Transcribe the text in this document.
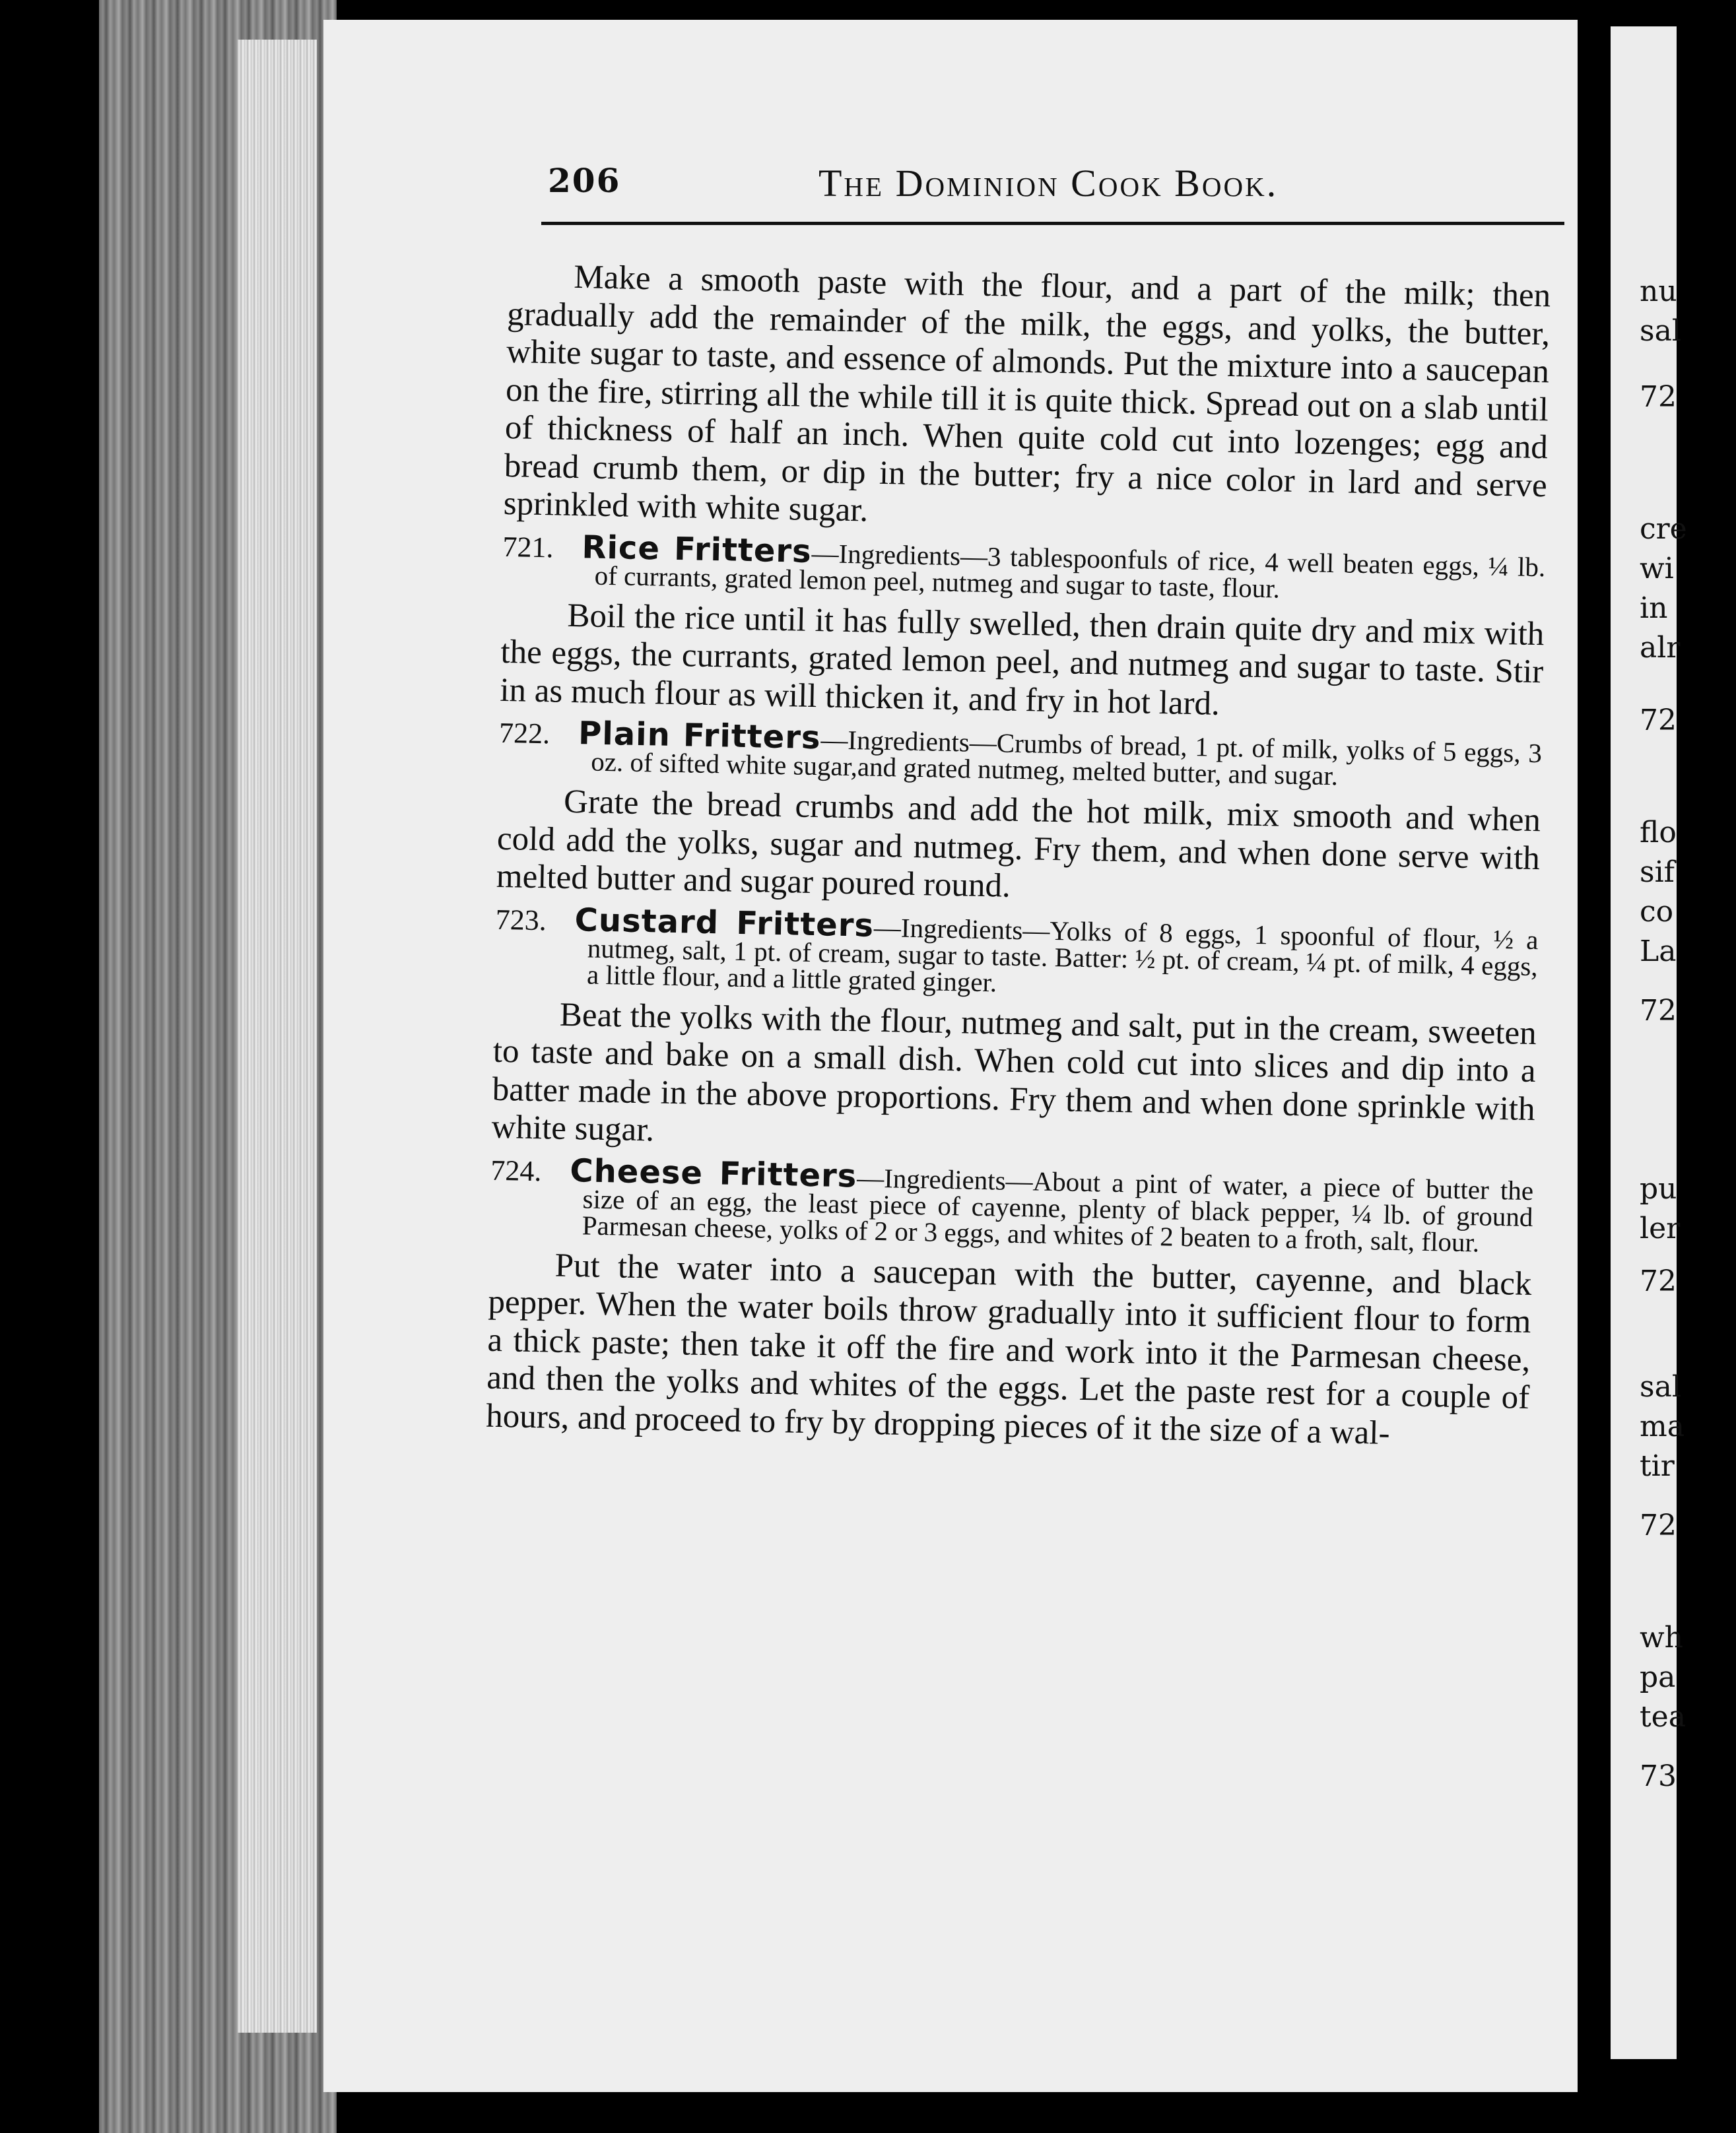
206	The Dominion Cook Book.

Make a smooth paste with the flour, and a part of the milk; then gradually add the remainder of the milk, the eggs, and yolks, the butter, white sugar to taste, and essence of almonds. Put the mixture into a saucepan on the fire, stirring all the while till it is quite thick. Spread out on a slab until of thickness of half an inch. When quite cold cut into lozenges; egg and bread crumb them, or dip in the butter; fry a nice color in lard and serve sprinkled with white sugar.

721. Rice Fritters—Ingredients—3 tablespoonfuls of rice, 4 well beaten eggs, ¼ lb. of currants, grated lemon peel, nutmeg and sugar to taste, flour.

Boil the rice until it has fully swelled, then drain quite dry and mix with the eggs, the currants, grated lemon peel, and nutmeg and sugar to taste. Stir in as much flour as will thicken it, and fry in hot lard.

722. Plain Fritters—Ingredients—Crumbs of bread, 1 pt. of milk, yolks of 5 eggs, 3 oz. of sifted white sugar,and grated nutmeg, melted butter, and sugar.

Grate the bread crumbs and add the hot milk, mix smooth and when cold add the yolks, sugar and nutmeg. Fry them, and when done serve with melted butter and sugar poured round.

723. Custard Fritters—Ingredients—Yolks of 8 eggs, 1 spoonful of flour, ½ a nutmeg, salt, 1 pt. of cream, sugar to taste. Batter: ½ pt. of cream, ¼ pt. of milk, 4 eggs, a little flour, and a little grated ginger.

Beat the yolks with the flour, nutmeg and salt, put in the cream, sweeten to taste and bake on a small dish. When cold cut into slices and dip into a batter made in the above proportions. Fry them and when done sprinkle with white sugar.

724. Cheese Fritters—Ingredients—About a pint of water, a piece of butter the size of an egg, the least piece of cayenne, plenty of black pepper, ¼ lb. of ground Parmesan cheese, yolks of 2 or 3 eggs, and whites of 2 beaten to a froth, salt, flour.

Put the water into a saucepan with the butter, cayenne, and black pepper. When the water boils throw gradually into it sufficient flour to form a thick paste; then take it off the fire and work into it the Parmesan cheese, and then the yolks and whites of the eggs. Let the paste rest for a couple of hours, and proceed to fry by dropping pieces of it the size of a wal-

nu
sal
72
cre
wi
in
alr
72
flo
sif
co
La
72
pu
ler
72
sal
ma
tir
72
wh
pa
tea
73
